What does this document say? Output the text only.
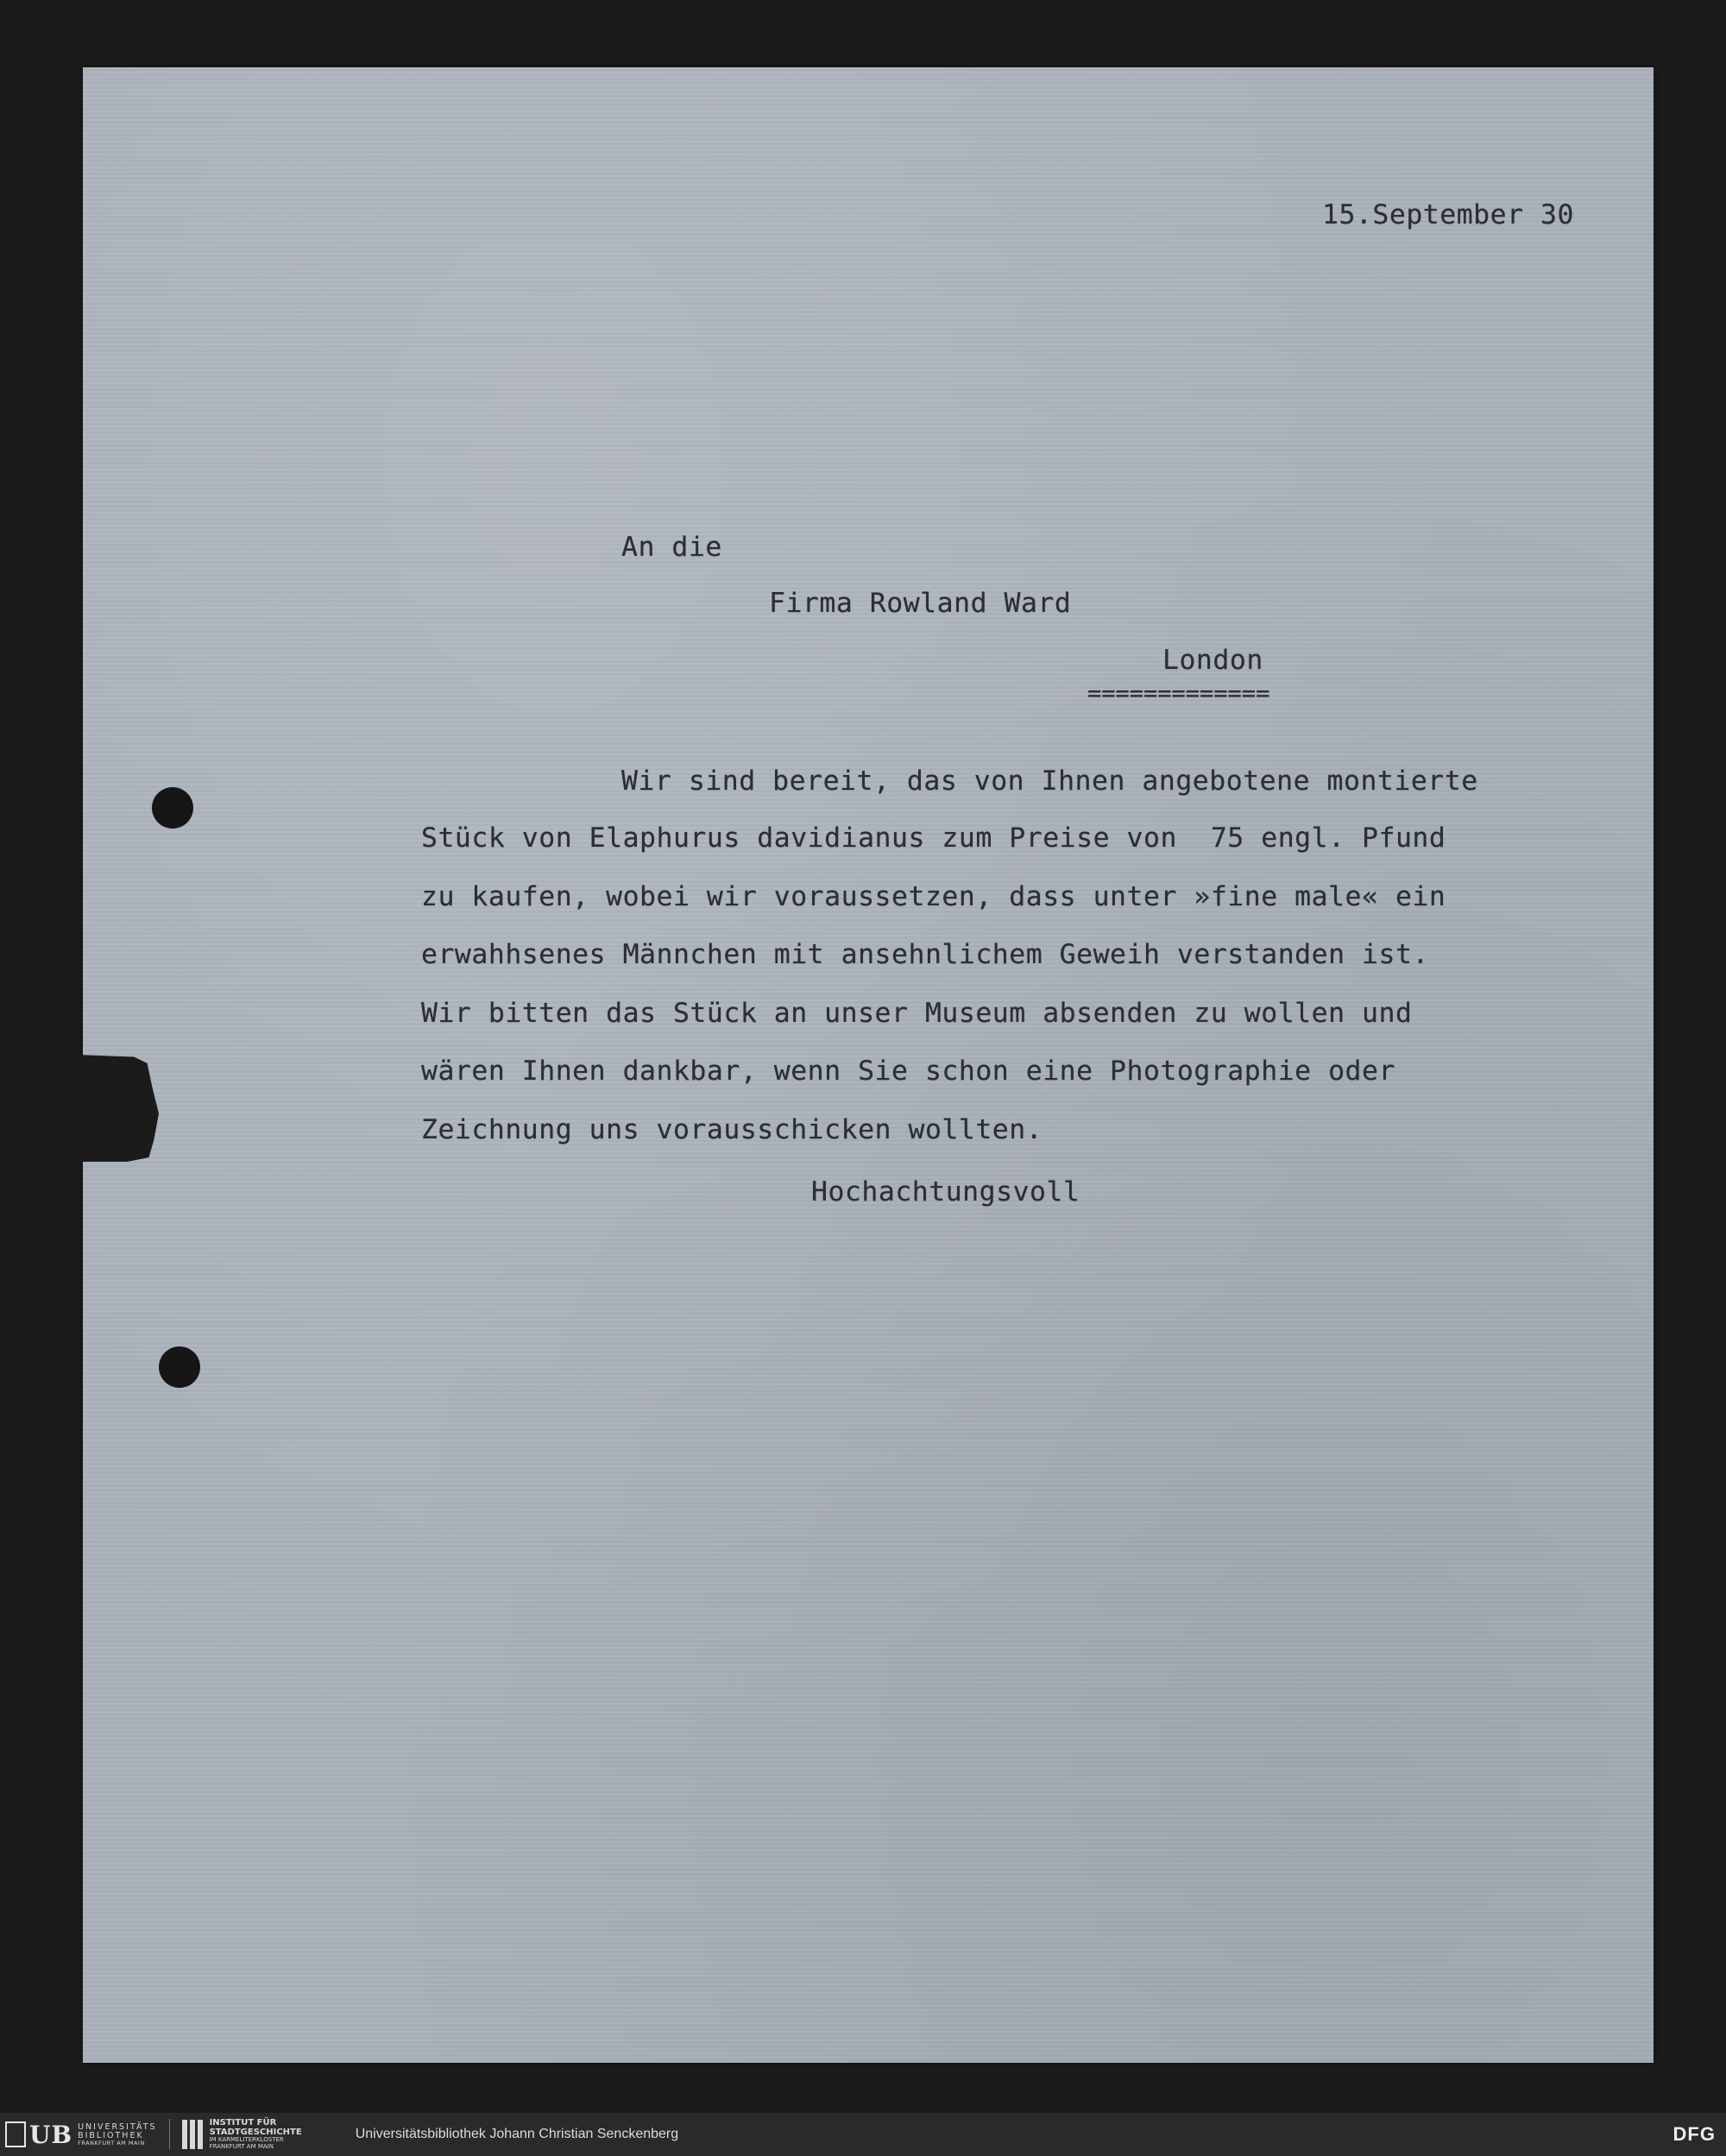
15.September 30
An die
Firma Rowland Ward
London
=============
Wir sind bereit, das von Ihnen angebotene montierte
Stück von Elaphurus davidianus zum Preise von  75 engl. Pfund
zu kaufen, wobei wir voraussetzen, dass unter »fine male« ein
erwahhsenes Männchen mit ansehnlichem Geweih verstanden ist.
Wir bitten das Stück an unser Museum absenden zu wollen und
wären Ihnen dankbar, wenn Sie schon eine Photographie oder
Zeichnung uns vorausschicken wollten.
Hochachtungsvoll
UB UNIVERSITÄTS
BIBLIOTHEK
FRANKFURT AM MAIN
INSTITUT FÜR
STADTGESCHICHTE
IM KARMELITERKLOSTER
FRANKFURT AM MAIN
Universitätsbibliothek Johann Christian Senckenberg	DFG
